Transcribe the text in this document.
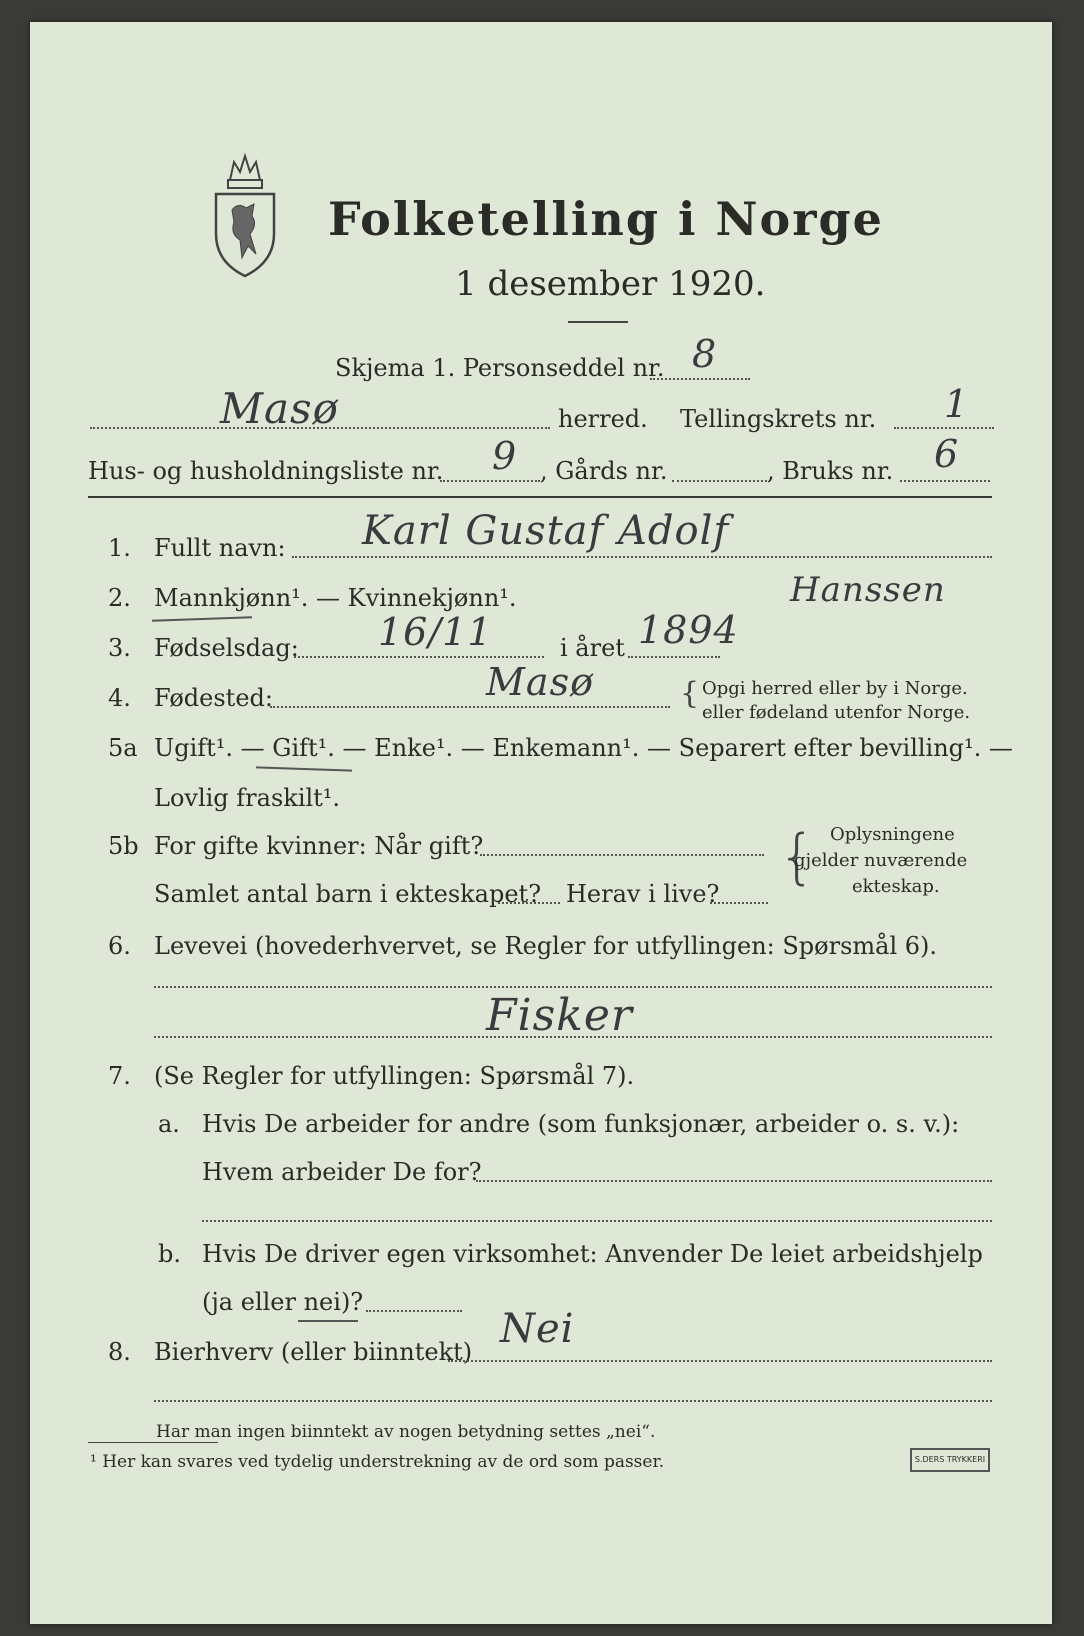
Folketelling i Norge
1 desember 1920.
Skjema 1. Personseddel nr. 8
Masø	herred. Tellingskrets nr. 1
Hus- og husholdningsliste nr. 9 , Gårds nr.	, Bruks nr. 6
1. Fullt navn: Karl Gustaf Adolf
Hanssen
2. Mannkjønn¹. — Kvinnekjønn¹.
3. Fødselsdag: 16/11	i året 1894
4. Fødested:	Masø	{ Opgi herred eller by i Norge.
eller fødeland utenfor Norge.
5a Ugift¹. — Gift¹. — Enke¹. — Enkemann¹. — Separert efter bevilling¹. —
Lovlig fraskilt¹.
5b For gifte kvinner: Når gift?
Samlet antal barn i ekteskapet? Herav i live?
{ Oplysningene
gjelder nuværende
ekteskap.
6. Levevei (hovederhvervet, se Regler for utfyllingen: Spørsmål 6).
Fisker
7. (Se Regler for utfyllingen: Spørsmål 7).
a. Hvis De arbeider for andre (som funksjonær, arbeider o. s. v.):
Hvem arbeider De for?
b. Hvis De driver egen virksomhet: Anvender De leiet arbeidshjelp
(ja eller nei)?
8. Bierhverv (eller biinntekt) Nei
Har man ingen biinntekt av nogen betydning settes „nei“.
¹ Her kan svares ved tydelig understrekning av de ord som passer.	S.DERS TRYKKERI
